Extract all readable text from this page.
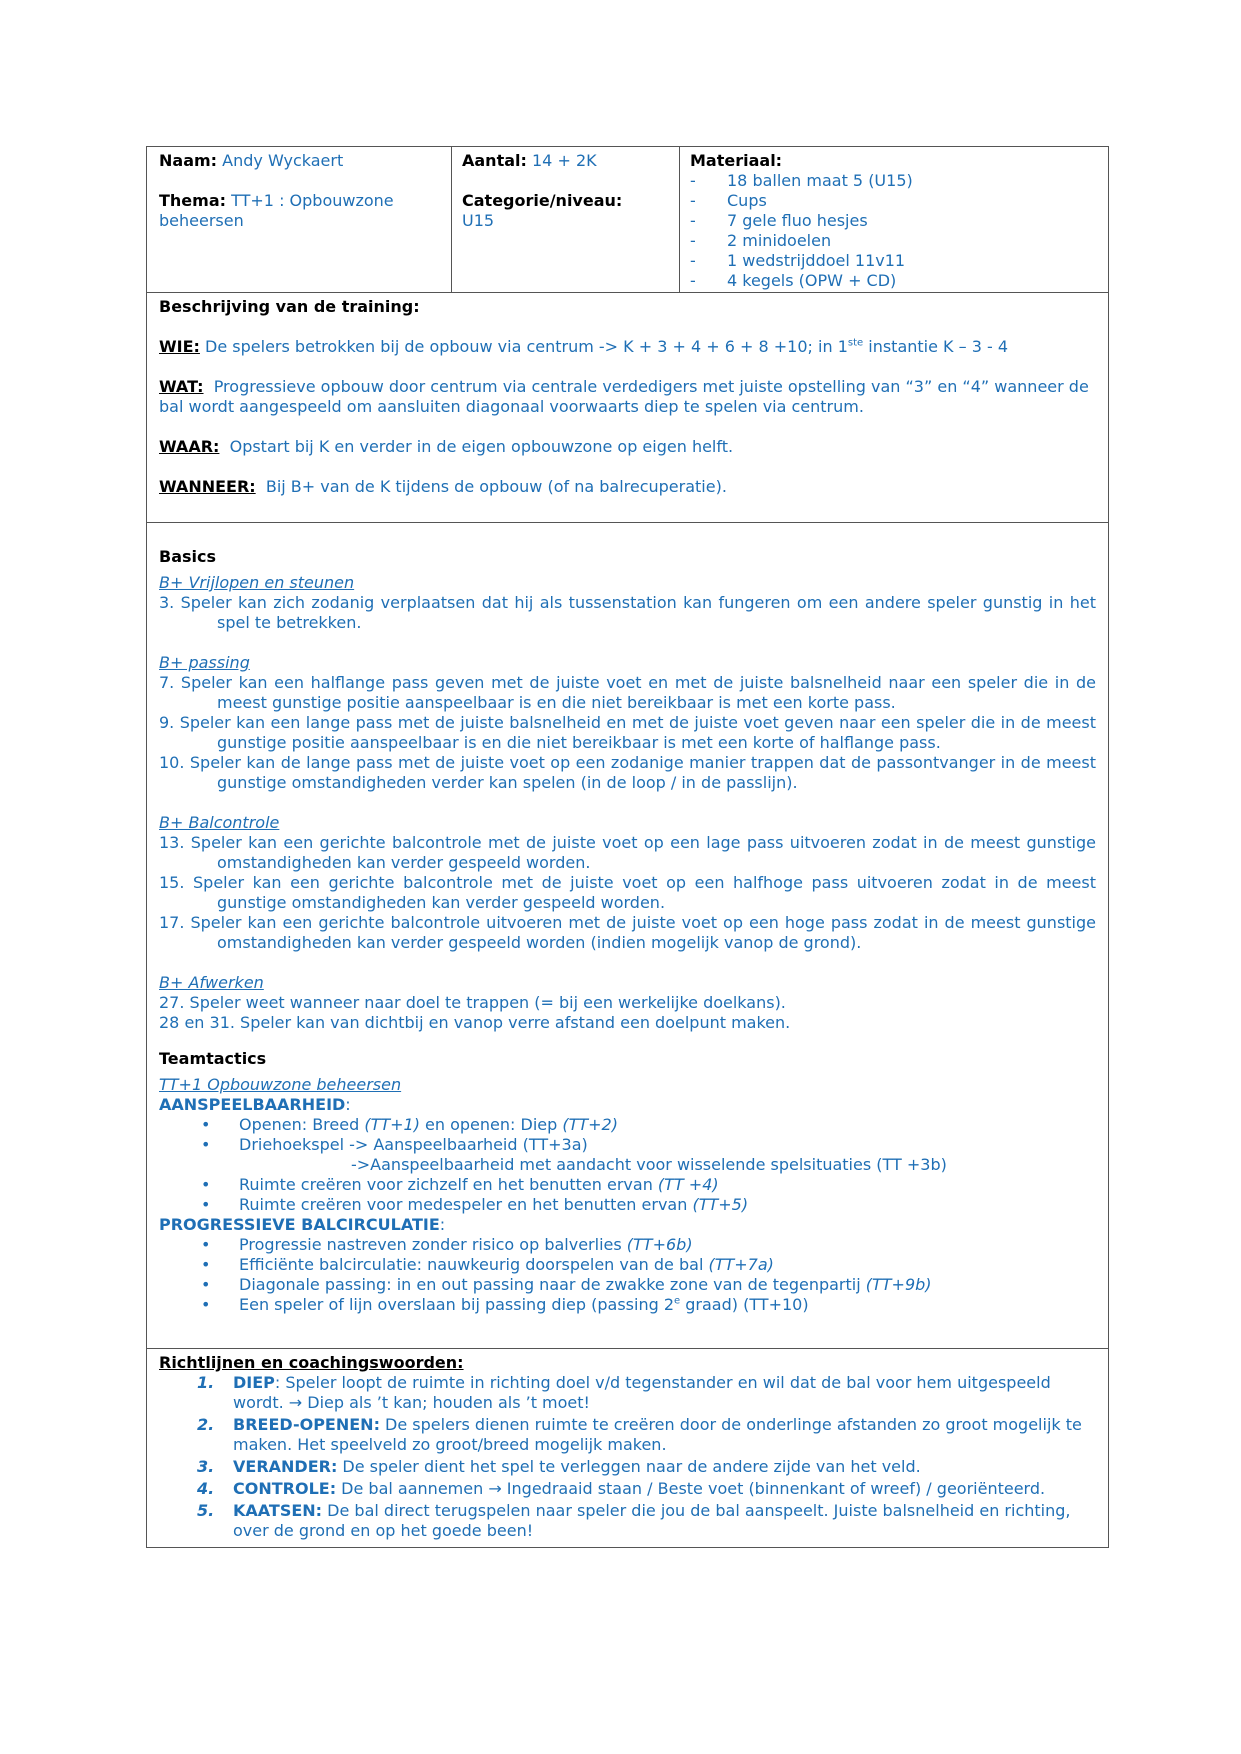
Naam: Andy Wyckaert

Thema: TT+1 : Opbouwzone beheersen

Aantal: 14 + 2K

Categorie/niveau:

U15

Materiaal:

-	18 ballen maat 5 (U15)
-	Cups
-	7 gele fluo hesjes
-	2 minidoelen
-	1 wedstrijddoel 11v11
-	4 kegels (OPW + CD)

Beschrijving van de training:

WIE: De spelers betrokken bij de opbouw via centrum -> K + 3 + 4 + 6 + 8 +10; in 1ste instantie K – 3 - 4

WAT: Progressieve opbouw door centrum via centrale verdedigers met juiste opstelling van “3” en “4” wanneer de bal wordt aangespeeld om aansluiten diagonaal voorwaarts diep te spelen via centrum.

WAAR: Opstart bij K en verder in de eigen opbouwzone op eigen helft.

WANNEER: Bij B+ van de K tijdens de opbouw (of na balrecuperatie).

Basics

B+ Vrijlopen en steunen

3. Speler kan zich zodanig verplaatsen dat hij als tussenstation kan fungeren om een andere speler gunstig in het spel te betrekken.

B+ passing

7. Speler kan een halflange pass geven met de juiste voet en met de juiste balsnelheid naar een speler die in de meest gunstige positie aanspeelbaar is en die niet bereikbaar is met een korte pass.

9. Speler kan een lange pass met de juiste balsnelheid en met de juiste voet geven naar een speler die in de meest gunstige positie aanspeelbaar is en die niet bereikbaar is met een korte of halflange pass.

10. Speler kan de lange pass met de juiste voet op een zodanige manier trappen dat de passontvanger in de meest gunstige omstandigheden verder kan spelen (in de loop / in de passlijn).

B+ Balcontrole

13. Speler kan een gerichte balcontrole met de juiste voet op een lage pass uitvoeren zodat in de meest gunstige omstandigheden kan verder gespeeld worden.

15. Speler kan een gerichte balcontrole met de juiste voet op een halfhoge pass uitvoeren zodat in de meest gunstige omstandigheden kan verder gespeeld worden.

17. Speler kan een gerichte balcontrole uitvoeren met de juiste voet op een hoge pass zodat in de meest gunstige omstandigheden kan verder gespeeld worden (indien mogelijk vanop de grond).

B+ Afwerken

27. Speler weet wanneer naar doel te trappen (= bij een werkelijke doelkans).

28 en 31. Speler kan van dichtbij en vanop verre afstand een doelpunt maken.

Teamtactics

TT+1 Opbouwzone beheersen

AANSPEELBAARHEID:

• Openen: Breed (TT+1) en openen: Diep (TT+2)
• Driehoekspel -> Aanspeelbaarheid (TT+3a)
->Aanspeelbaarheid met aandacht voor wisselende spelsituaties (TT +3b)
• Ruimte creëren voor zichzelf en het benutten ervan (TT +4)
• Ruimte creëren voor medespeler en het benutten ervan (TT+5)

PROGRESSIEVE BALCIRCULATIE:

• Progressie nastreven zonder risico op balverlies (TT+6b)
• Efficiënte balcirculatie: nauwkeurig doorspelen van de bal (TT+7a)
• Diagonale passing: in en out passing naar de zwakke zone van de tegenpartij (TT+9b)
• Een speler of lijn overslaan bij passing diep (passing 2e graad) (TT+10)

Richtlijnen en coachingswoorden:

1. DIEP: Speler loopt de ruimte in richting doel v/d tegenstander en wil dat de bal voor hem uitgespeeld wordt. → Diep als ’t kan; houden als ’t moet!
2. BREED-OPENEN: De spelers dienen ruimte te creëren door de onderlinge afstanden zo groot mogelijk te maken. Het speelveld zo groot/breed mogelijk maken.
3. VERANDER: De speler dient het spel te verleggen naar de andere zijde van het veld.
4. CONTROLE: De bal aannemen → Ingedraaid staan / Beste voet (binnenkant of wreef) / georiënteerd.
5. KAATSEN: De bal direct terugspelen naar speler die jou de bal aanspeelt. Juiste balsnelheid en richting, over de grond en op het goede been!
